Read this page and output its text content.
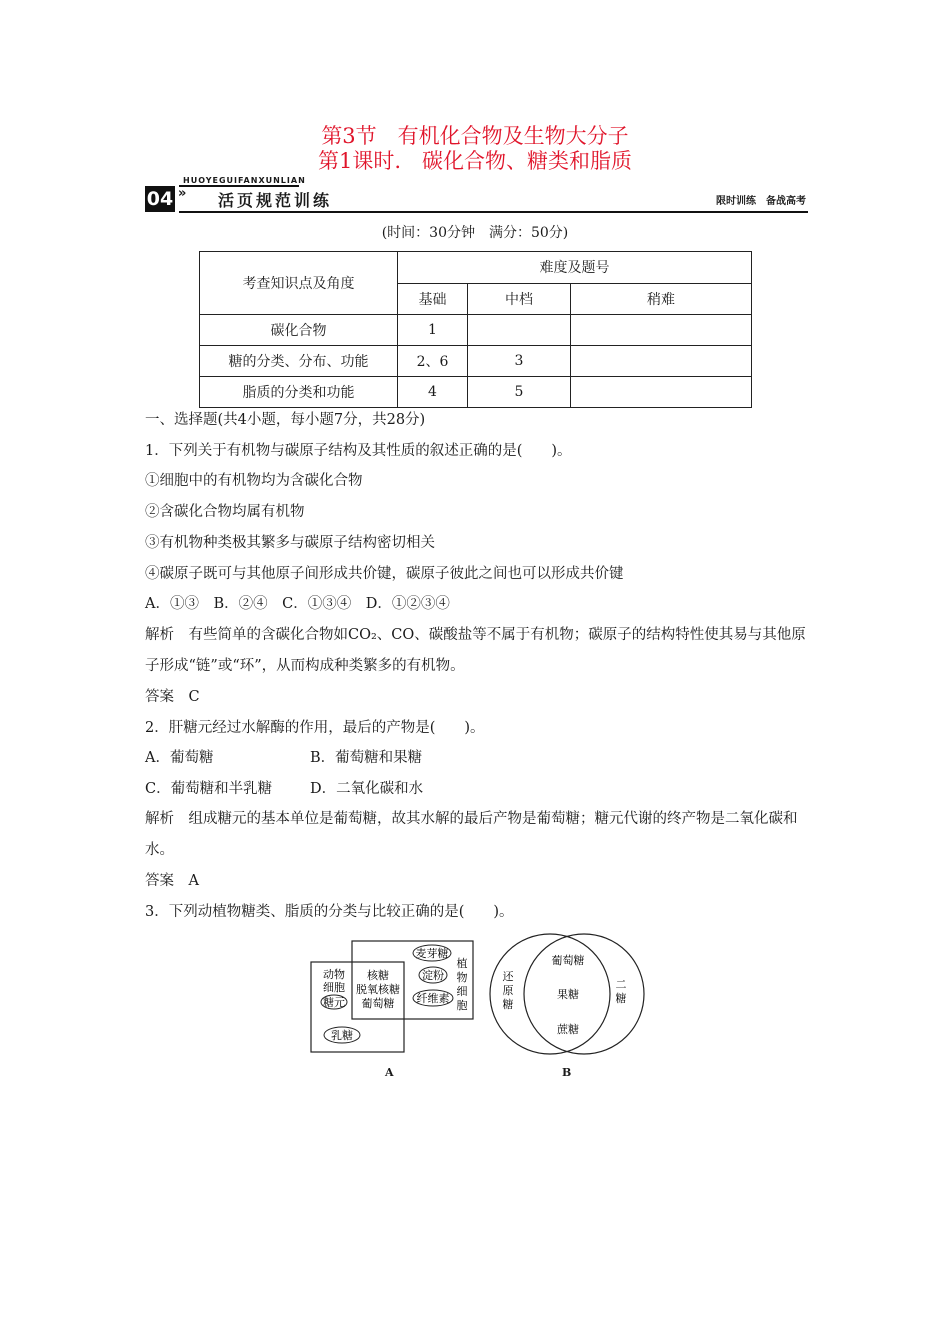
第3节　有机化合物及生物大分子
第1课时.　碳化合物、糖类和脂质
04
HUOYEGUIFANXUNLIAN
» 活页规范训练	限时训练　备战高考
(时间：30分钟　满分：50分)
考查知识点及角度	难度及题号		
	基础	中档	稍难
碳化合物	1		
糖的分类、分布、功能	2、6	3	
脂质的分类和功能	4	5	
一、选择题(共4小题，每小题7分，共28分)
1．下列关于有机物与碳原子结构及其性质的叙述正确的是(　　)。
①细胞中的有机物均为含碳化合物
②含碳化合物均属有机物
③有机物种类极其繁多与碳原子结构密切相关
④碳原子既可与其他原子间形成共价键，碳原子彼此之间也可以形成共价键
A．①③　B．②④　C．①③④　D．①②③④
解析　有些简单的含碳化合物如CO₂、CO、碳酸盐等不属于有机物；碳原子的结构特性使其易与其他原子形成“链”或“环”，从而构成种类繁多的有机物。
答案　C
2．肝糖元经过水解酶的作用，最后的产物是(　　)。
A．葡萄糖	B．葡萄糖和果糖
C．葡萄糖和半乳糖	D．二氧化碳和水
解析　组成糖元的基本单位是葡萄糖，故其水解的最后产物是葡萄糖；糖元代谢的终产物是二氧化碳和水。
答案　A
3．下列动植物糖类、脂质的分类与比较正确的是(　　)。
动物
细胞
糖元
乳糖
核糖
脱氧核糖
葡萄糖
麦芽糖
淀粉
纤维素
植
物
细
胞
A
还
原
糖
二
糖
葡萄糖
果糖
蔗糖
B
